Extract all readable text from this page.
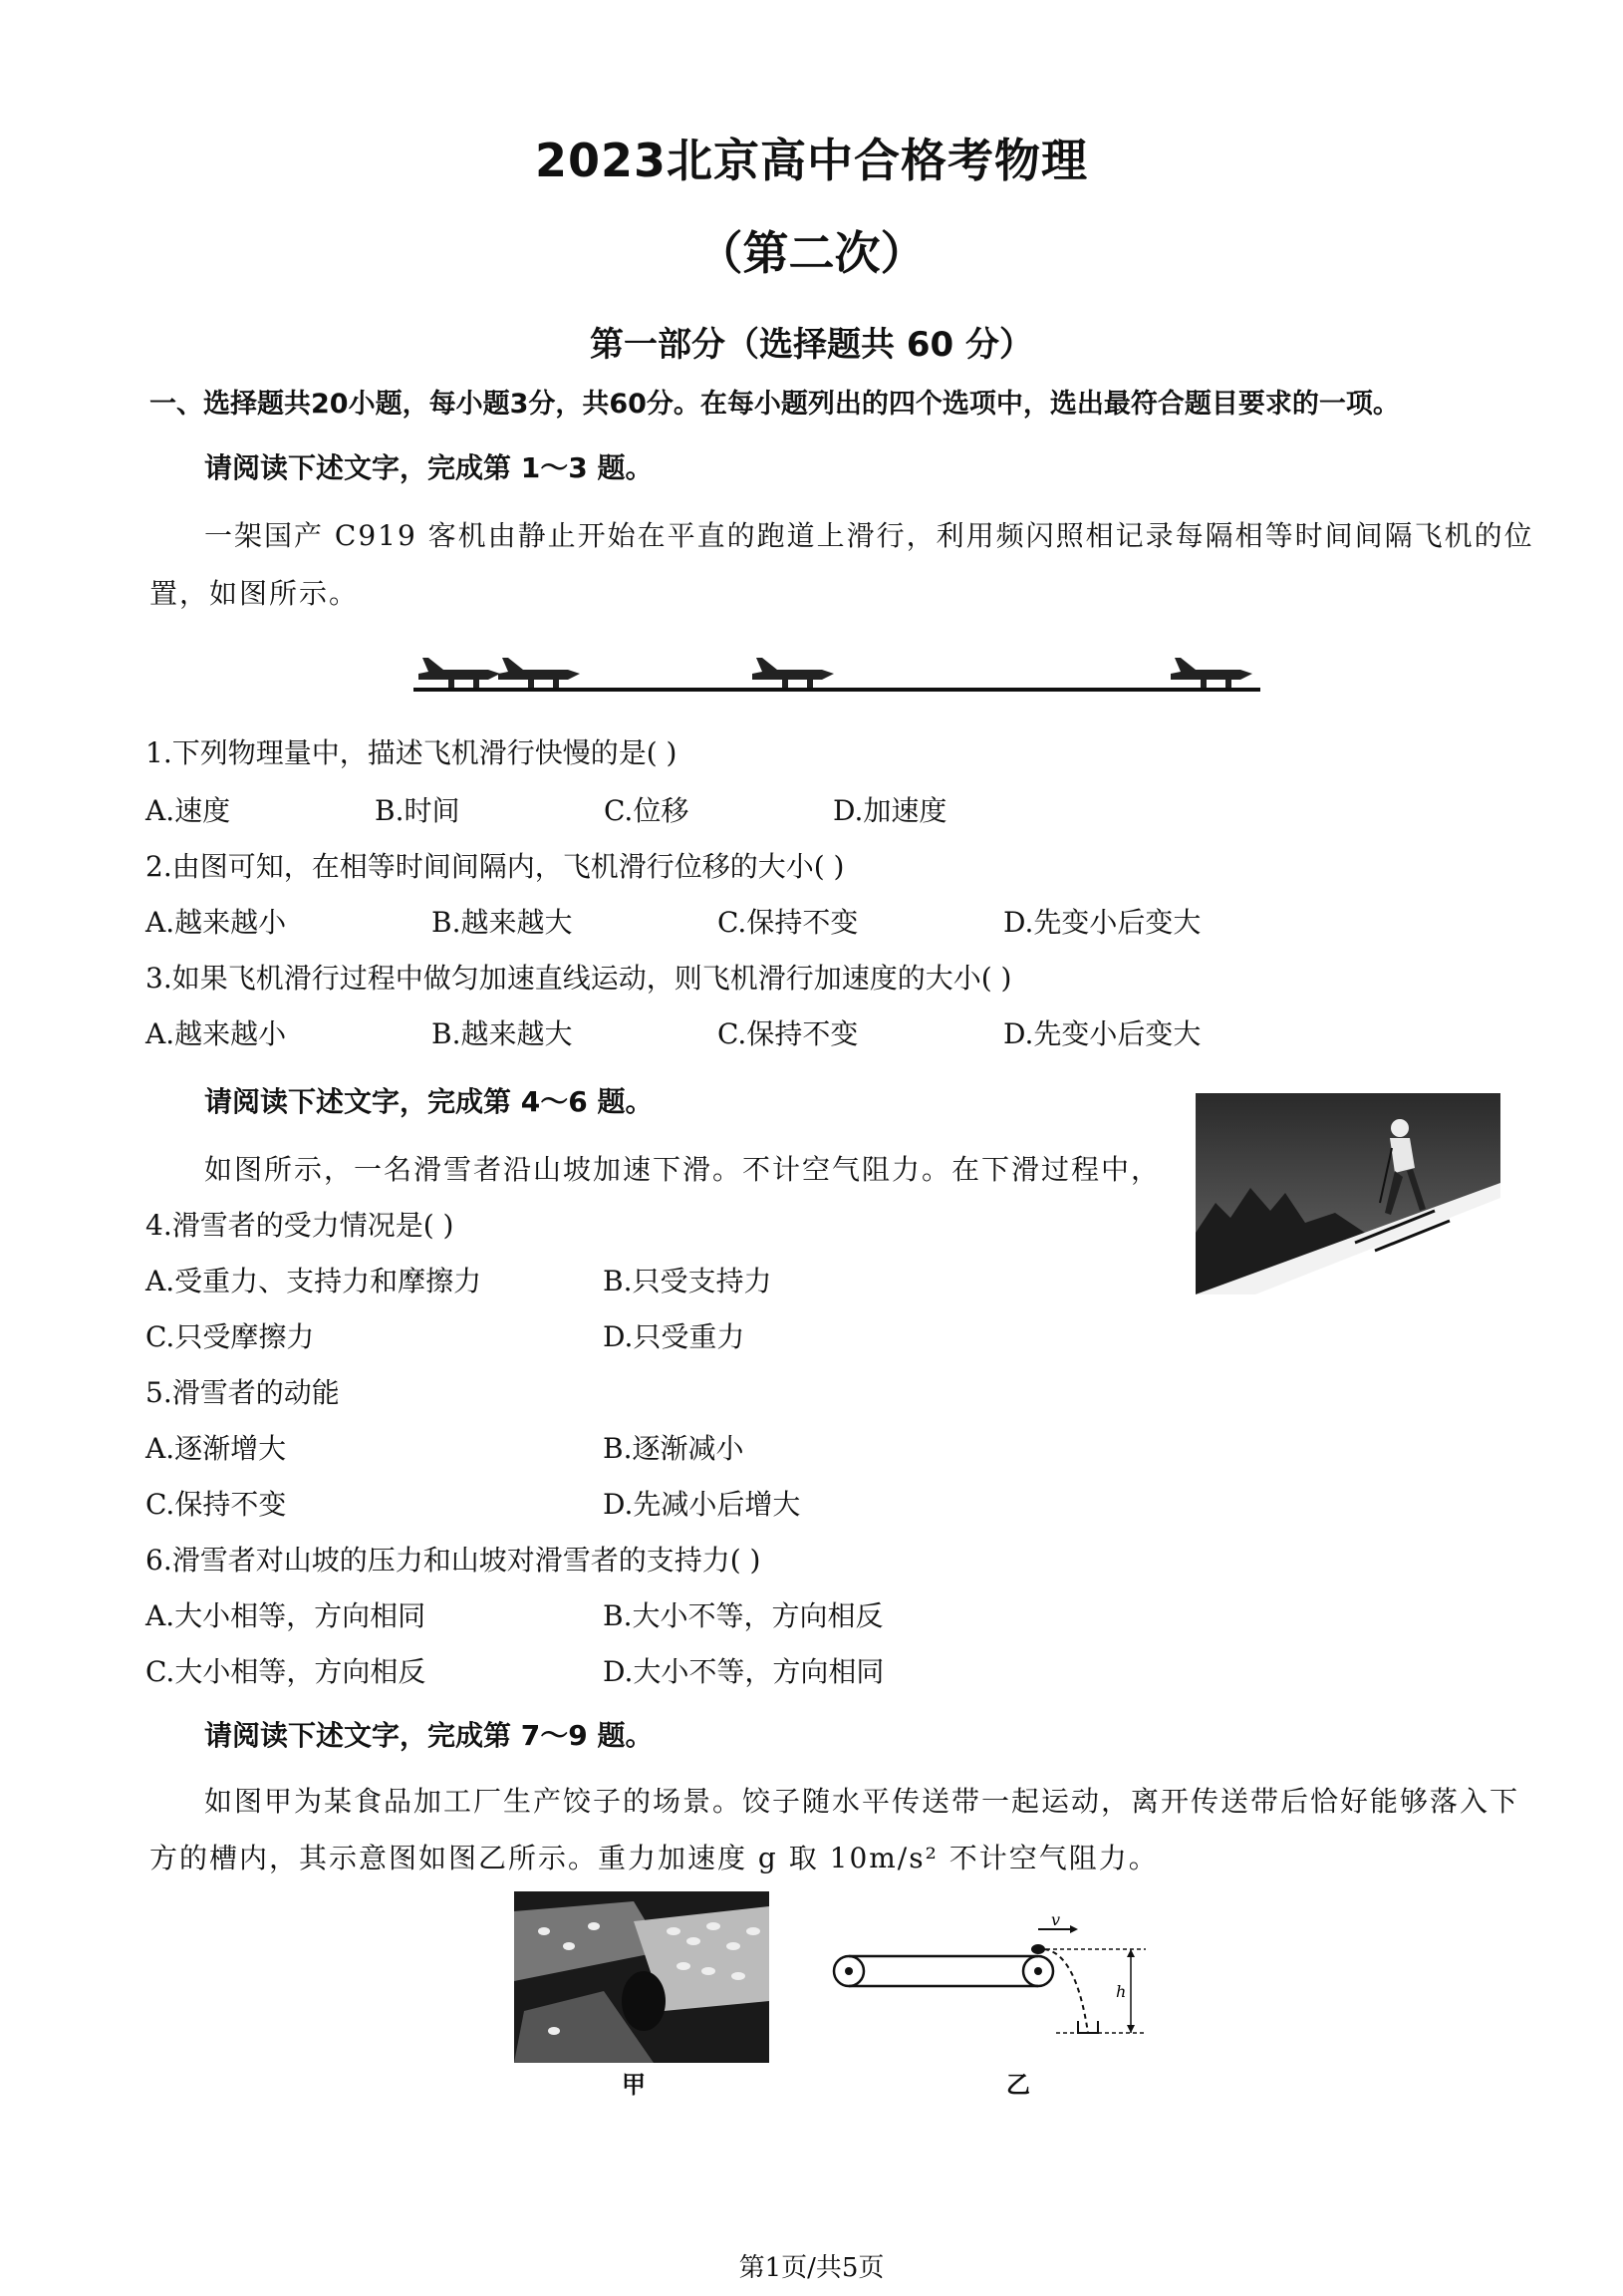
2023北京高中合格考物理
（第二次）
第一部分（选择题共 60 分）
一、选择题共20小题，每小题3分，共60分。在每小题列出的四个选项中，选出最符合题目要求的一项。
请阅读下述文字，完成第 1～3 题。
一架国产 C919 客机由静止开始在平直的跑道上滑行，利用频闪照相记录每隔相等时间间隔飞机的位
置，如图所示。
1.下列物理量中，描述飞机滑行快慢的是( )
A.速度	B.时间	C.位移	D.加速度
2.由图可知，在相等时间间隔内，飞机滑行位移的大小( )
A.越来越小	B.越来越大	C.保持不变	D.先变小后变大
3.如果飞机滑行过程中做匀加速直线运动，则飞机滑行加速度的大小( )
A.越来越小	B.越来越大	C.保持不变	D.先变小后变大
请阅读下述文字，完成第 4～6 题。
如图所示，一名滑雪者沿山坡加速下滑。不计空气阻力。在下滑过程中，
4.滑雪者的受力情况是( )
A.受重力、支持力和摩擦力	B.只受支持力
C.只受摩擦力	D.只受重力
5.滑雪者的动能
A.逐渐增大	B.逐渐减小
C.保持不变	D.先减小后增大
6.滑雪者对山坡的压力和山坡对滑雪者的支持力( )
A.大小相等，方向相同	B.大小不等，方向相反
C.大小相等，方向相反	D.大小不等，方向相同
请阅读下述文字，完成第 7～9 题。
如图甲为某食品加工厂生产饺子的场景。饺子随水平传送带一起运动，离开传送带后恰好能够落入下
方的槽内，其示意图如图乙所示。重力加速度 g 取 10m/s² 不计空气阻力。
甲
v
h
乙
第1页/共5页
